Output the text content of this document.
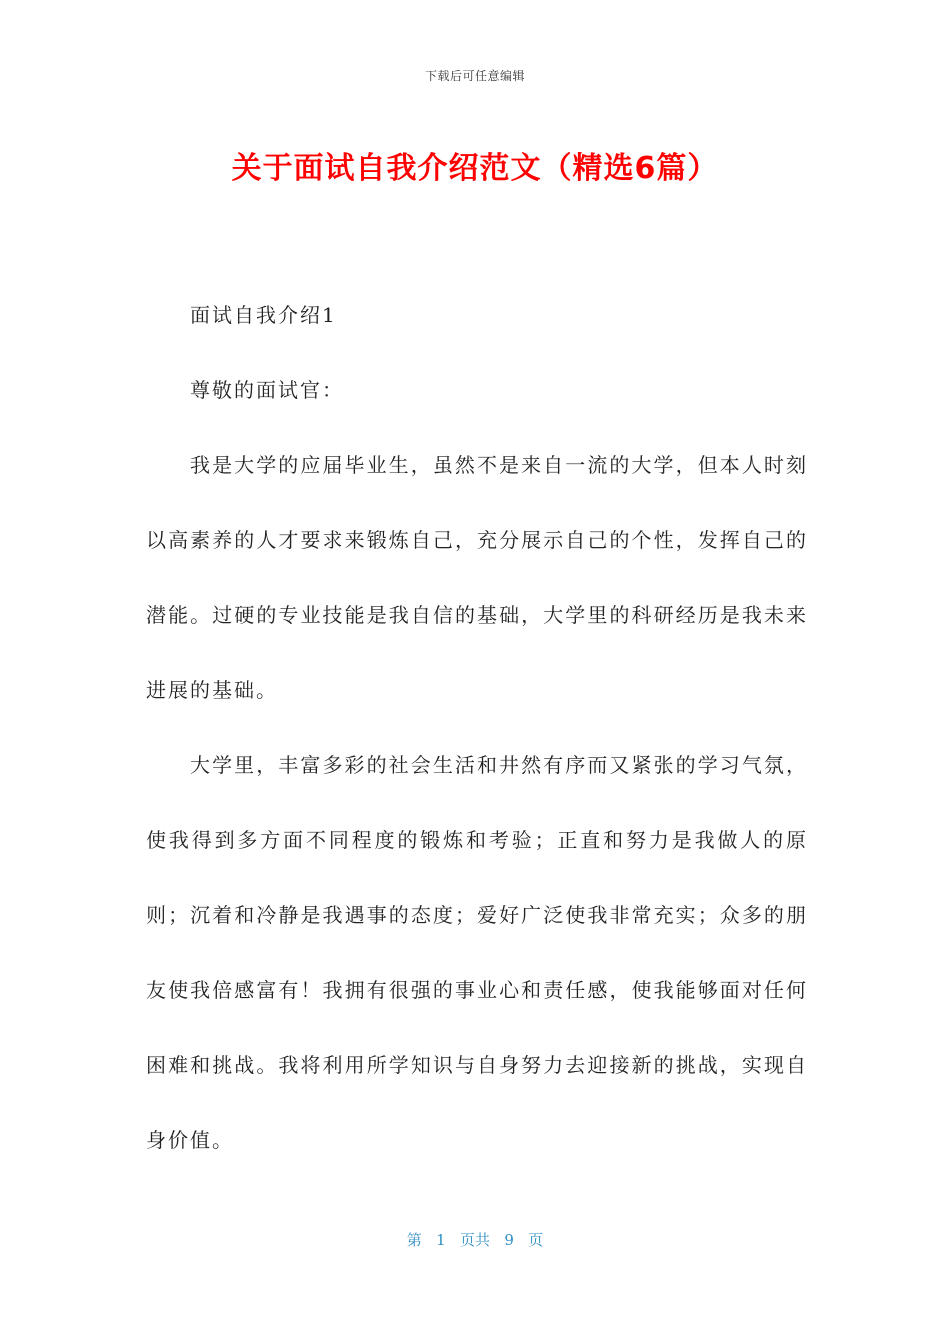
下载后可任意编辑
关于面试自我介绍范文（精选6篇）

面试自我介绍1

尊敬的面试官：

我是大学的应届毕业生，虽然不是来自一流的大学，但本人时刻以高素养的人才要求来锻炼自己，充分展示自己的个性，发挥自己的潜能。过硬的专业技能是我自信的基础，大学里的科研经历是我未来进展的基础。

大学里，丰富多彩的社会生活和井然有序而又紧张的学习气氛，使我得到多方面不同程度的锻炼和考验；正直和努力是我做人的原则；沉着和冷静是我遇事的态度；爱好广泛使我非常充实；众多的朋友使我倍感富有！我拥有很强的事业心和责任感，使我能够面对任何困难和挑战。我将利用所学知识与自身努力去迎接新的挑战，实现自身价值。

第 1 页共 9 页
